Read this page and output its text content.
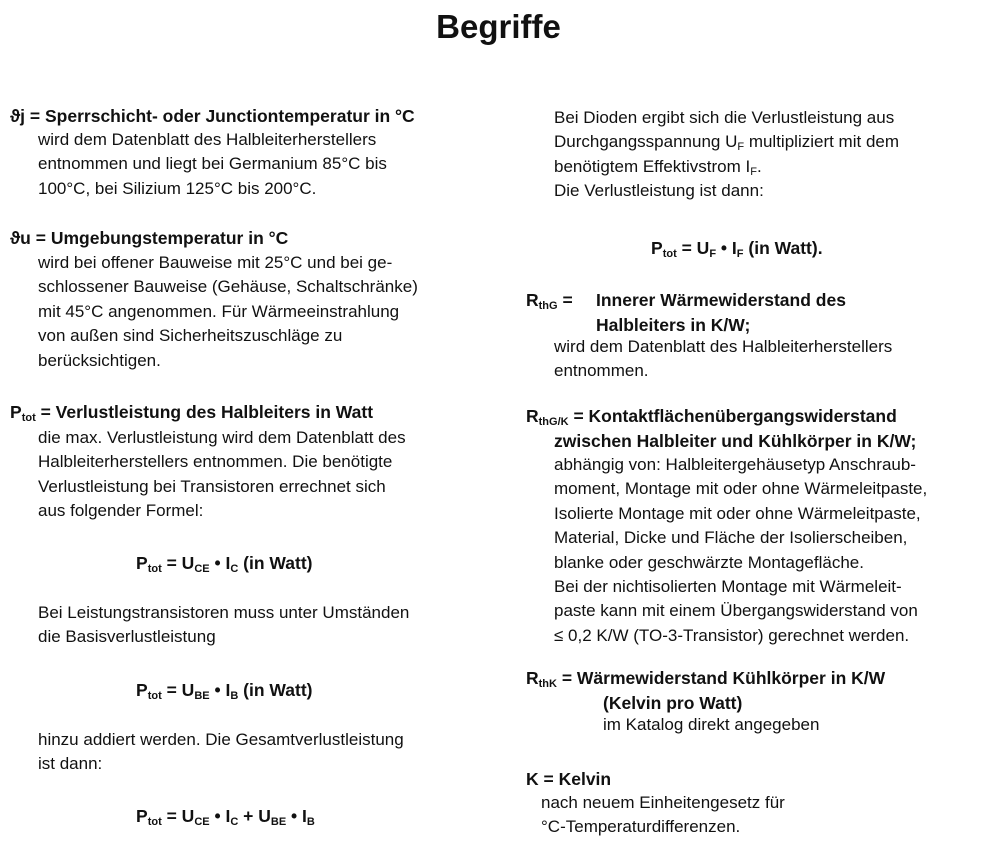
Begriffe
ϑj = Sperrschicht- oder Junctiontemperatur in °C
wird dem Datenblatt des Halbleiterherstellers
entnommen und liegt bei Germanium 85°C bis
100°C, bei Silizium 125°C bis 200°C.
ϑu = Umgebungstemperatur in °C
wird bei offener Bauweise mit 25°C und bei ge-
schlossener Bauweise (Gehäuse, Schaltschränke)
mit 45°C angenommen. Für Wärmeeinstrahlung
von außen sind Sicherheitszuschläge zu
berücksichtigen.
$P_{tot}$ = Verlustleistung des Halbleiters in Watt
die max. Verlustleistung wird dem Datenblatt des
Halbleiterherstellers entnommen. Die benötigte
Verlustleistung bei Transistoren errechnet sich
aus folgender Formel:
$P_{tot} = U_{CE}$ • $I_C$ (in Watt)
Bei Leistungstransistoren muss unter Umständen
die Basisverlustleistung
$P_{tot} = U_{BE}$ • $I_B$ (in Watt)
hinzu addiert werden. Die Gesamtverlustleistung
ist dann:
$P_{tot} = U_{CE}$ • $I_C + U_{BE}$ • $I_B$
Bei Dioden ergibt sich die Verlustleistung aus
Durchgangsspannung $U_F$ multipliziert mit dem
benötigtem Effektivstrom $I_F$.
Die Verlustleistung ist dann:
$P_{tot} = U_F$ • $I_F$ (in Watt).
$R_{thG}$ = Innerer Wärmewiderstand des
Halbleiters in K/W;
wird dem Datenblatt des Halbleiterherstellers
entnommen.
$R_{thG/K}$ = Kontaktflächenübergangswiderstand
zwischen Halbleiter und Kühlkörper in K/W;
abhängig von: Halbleitergehäusetyp Anschraub-
moment, Montage mit oder ohne Wärmeleitpaste,
Isolierte Montage mit oder ohne Wärmeleitpaste,
Material, Dicke und Fläche der Isolierscheiben,
blanke oder geschwärzte Montagefläche.
Bei der nichtisolierten Montage mit Wärmeleit-
paste kann mit einem Übergangswiderstand von
≤ 0,2 K/W (TO-3-Transistor) gerechnet werden.
$R_{thK}$ = Wärmewiderstand Kühlkörper in K/W
(Kelvin pro Watt)
im Katalog direkt angegeben
K = Kelvin
nach neuem Einheitengesetz für
°C-Temperaturdifferenzen.
